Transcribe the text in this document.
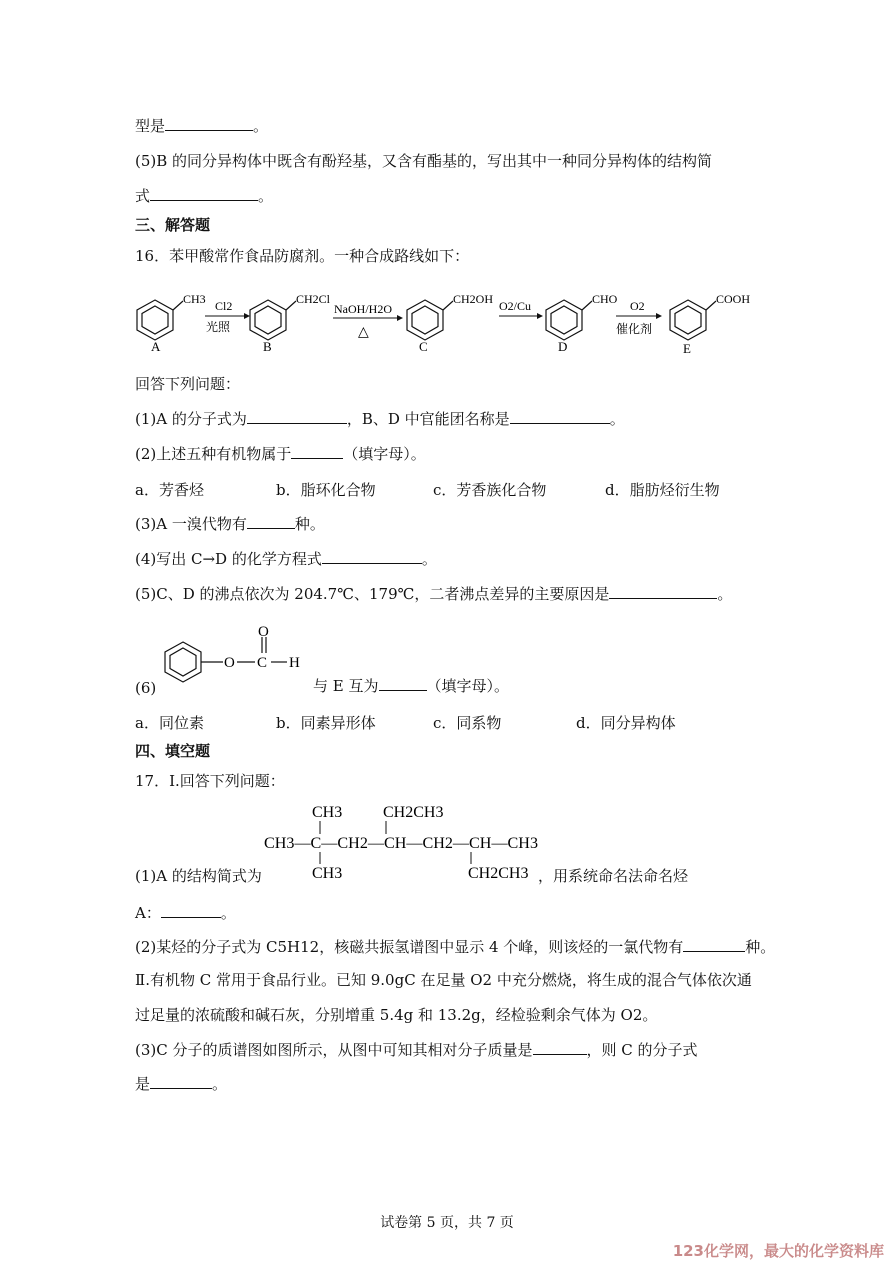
型是	。
(5)B 的同分异构体中既含有酚羟基，又含有酯基的，写出其中一种同分异构体的结构简
式	。
三、解答题
16．苯甲酸常作食品防腐剂。一种合成路线如下：
CH3
A
Cl2
光照
CH2Cl
B
NaOH/H2O
△
CH2OH
C
O2/Cu	CHO
D
O2
催化剂
COOH
E
回答下列问题：
(1)A 的分子式为	，B、D 中官能团名称是	。
(2)上述五种有机物属于	（填字母）。
a．芳香烃	b．脂环化合物	c．芳香族化合物	d．脂肪烃衍生物
(3)A 一溴代物有	种。
(4)写出 C→D 的化学方程式	。
(5)C、D 的沸点依次为 204.7℃、179℃，二者沸点差异的主要原因是	。
O
O C H
(6)	与 E 互为	（填字母）。
a．同位素	b．同素异形体	c．同系物	d．同分异构体
四、填空题
17．Ⅰ.回答下列问题：
CH3	CH2CH3
CH3—C—CH2—CH—CH2—CH—CH3
CH3	CH2CH3
(1)A 的结构简式为	，用系统命名法命名烃
A：	。
(2)某烃的分子式为 C5H12，核磁共振氢谱图中显示 4 个峰，则该烃的一氯代物有	种。
Ⅱ.有机物 C 常用于食品行业。已知 9.0gC 在足量 O2 中充分燃烧，将生成的混合气体依次通
过足量的浓硫酸和碱石灰，分别增重 5.4g 和 13.2g，经检验剩余气体为 O2。
(3)C 分子的质谱图如图所示，从图中可知其相对分子质量是	，则 C 的分子式
是	。
试卷第 5 页，共 7 页
123化学网，最大的化学资料库
